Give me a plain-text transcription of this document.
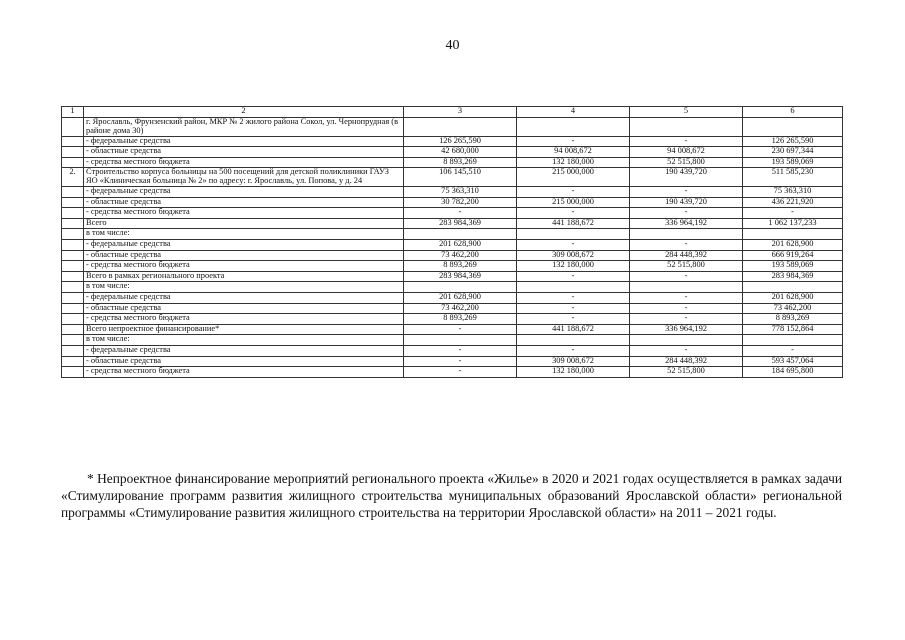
40
1	2	3	4	5	6
	г. Ярославль, Фрунзенский район, МКР № 2 жилого района Сокол, ул. Чернопрудная (в районе дома 30)				
	- федеральные средства	126 265,590	-	-	126 265,590
	- областные средства	42 680,000	94 008,672	94 008,672	230 697,344
	- средства местного бюджета	8 893,269	132 180,000	52 515,800	193 589,069
2.	Строительство корпуса больницы на 500 посещений для детской поликлиники ГАУЗ ЯО «Клиническая больница № 2» по адресу: г. Ярославль, ул. Попова, у д. 24	106 145,510	215 000,000	190 439,720	511 585,230
	- федеральные средства	75 363,310	-	-	75 363,310
	- областные средства	30 782,200	215 000,000	190 439,720	436 221,920
	- средства местного бюджета	-	-	-	-
	Всего	283 984,369	441 188,672	336 964,192	1 062 137,233
	в том числе:				
	- федеральные средства	201 628,900	-	-	201 628,900
	- областные средства	73 462,200	309 008,672	284 448,392	666 919,264
	- средства местного бюджета	8 893,269	132 180,000	52 515,800	193 589,069
	Всего в рамках регионального проекта	283 984,369	-	-	283 984,369
	в том числе:				
	- федеральные средства	201 628,900	-	-	201 628,900
	- областные средства	73 462,200	-	-	73 462,200
	- средства местного бюджета	8 893,269	-	-	8 893,269
	Всего непроектное финансирование*	-	441 188,672	336 964,192	778 152,864
	в том числе:				
	- федеральные средства	-	-	-	-
	- областные средства	-	309 008,672	284 448,392	593 457,064
	- средства местного бюджета	-	132 180,000	52 515,800	184 695,800

* Непроектное финансирование мероприятий регионального проекта «Жилье» в 2020 и 2021 годах осуществляется в рамках задачи «Стимулирование программ развития жилищного строительства муниципальных образований Ярославской области» региональной программы «Стимулирование развития жилищного строительства на территории Ярославской области» на 2011 – 2021 годы.
